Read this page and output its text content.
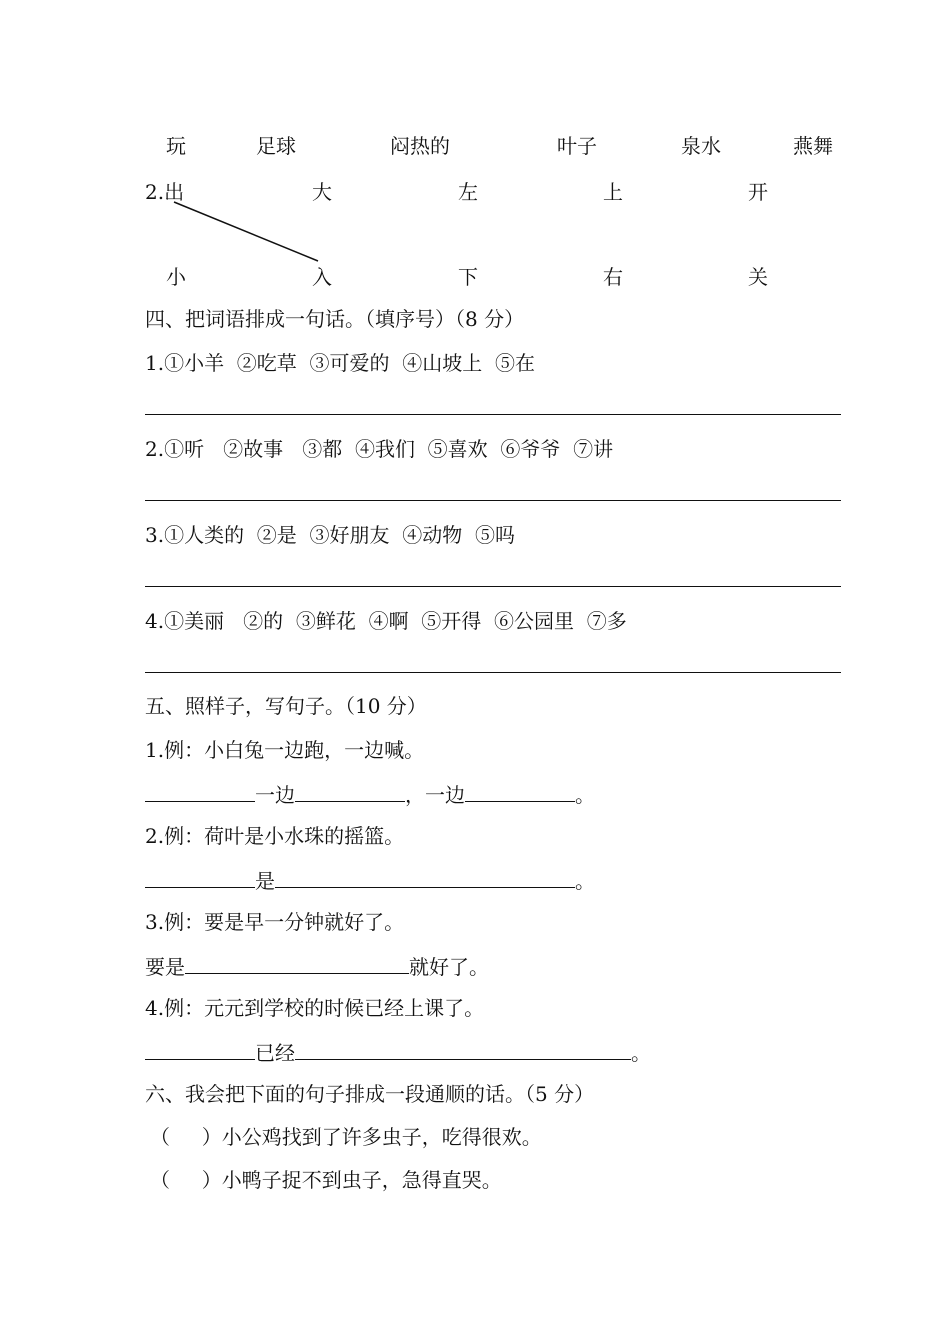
玩	足球	闷热的	叶子	泉水	燕舞
2.出	大	左	上	开
小	入	下	右	关
四、把词语排成一句话。（填序号）（8 分）
1.①小羊  ②吃草  ③可爱的  ④山坡上  ⑤在
2.①听   ②故事   ③都  ④我们  ⑤喜欢  ⑥爷爷  ⑦讲
3.①人类的  ②是  ③好朋友  ④动物  ⑤吗
4.①美丽   ②的  ③鲜花  ④啊  ⑤开得  ⑥公园里  ⑦多
五、照样子，写句子。（10 分）
1.例：小白兔一边跑，一边喊。
一边	，一边	。
2.例：荷叶是小水珠的摇篮。
是	。
3.例：要是早一分钟就好了。
要是	就好了。
4.例：元元到学校的时候已经上课了。
已经	。
六、我会把下面的句子排成一段通顺的话。（5 分）
（     ）小公鸡找到了许多虫子，吃得很欢。
（     ）小鸭子捉不到虫子，急得直哭。
